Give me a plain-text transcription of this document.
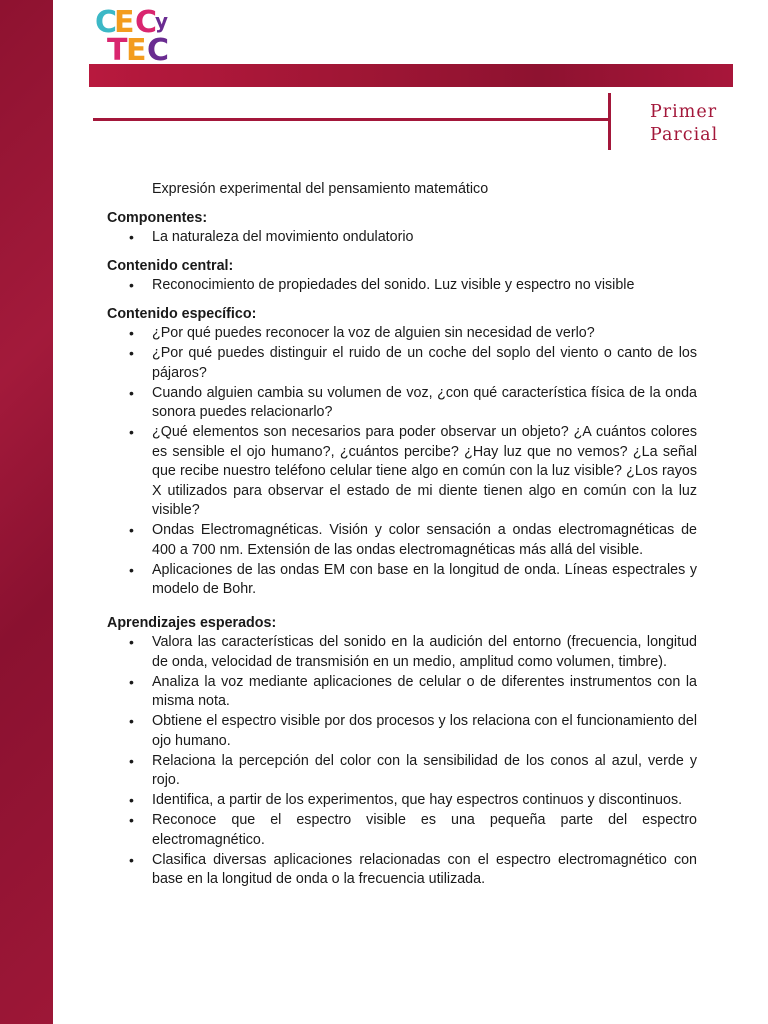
C
E C
y
T
E C
Primer
Parcial

Expresión experimental del pensamiento matemático

Componentes:

• La naturaleza del movimiento ondulatorio

Contenido central:

• Reconocimiento de propiedades del sonido. Luz visible y espectro no visible

Contenido específico:

• ¿Por qué puedes reconocer la voz de alguien sin necesidad de verlo?
• ¿Por qué puedes distinguir el ruido de un coche del soplo del viento o canto de los pájaros?
• Cuando alguien cambia su volumen de voz, ¿con qué característica física de la onda sonora puedes relacionarlo?
• ¿Qué elementos son necesarios para poder observar un objeto? ¿A cuántos colores es sensible el ojo humano?, ¿cuántos percibe? ¿Hay luz que no vemos? ¿La señal que recibe nuestro teléfono celular tiene algo en común con la luz visible? ¿Los rayos X utilizados para observar el estado de mi diente tienen algo en común con la luz visible?
• Ondas Electromagnéticas. Visión y color sensación a ondas electromagnéticas de 400 a 700 nm. Extensión de las ondas electromagnéticas más allá del visible.
• Aplicaciones de las ondas EM con base en la longitud de onda. Líneas espectrales y modelo de Bohr.

Aprendizajes esperados:

• Valora las características del sonido en la audición del entorno (frecuencia, longitud de onda, velocidad de transmisión en un medio, amplitud como volumen, timbre).
• Analiza la voz mediante aplicaciones de celular o de diferentes instrumentos con la misma nota.
• Obtiene el espectro visible por dos procesos y los relaciona con el funcionamiento del ojo humano.
• Relaciona la percepción del color con la sensibilidad de los conos al azul, verde y rojo.
• Identifica, a partir de los experimentos, que hay espectros continuos y discontinuos.
• Reconoce que el espectro visible es una pequeña parte del espectro electromagnético.
• Clasifica diversas aplicaciones relacionadas con el espectro electromagnético con base en la longitud de onda o la frecuencia utilizada.
